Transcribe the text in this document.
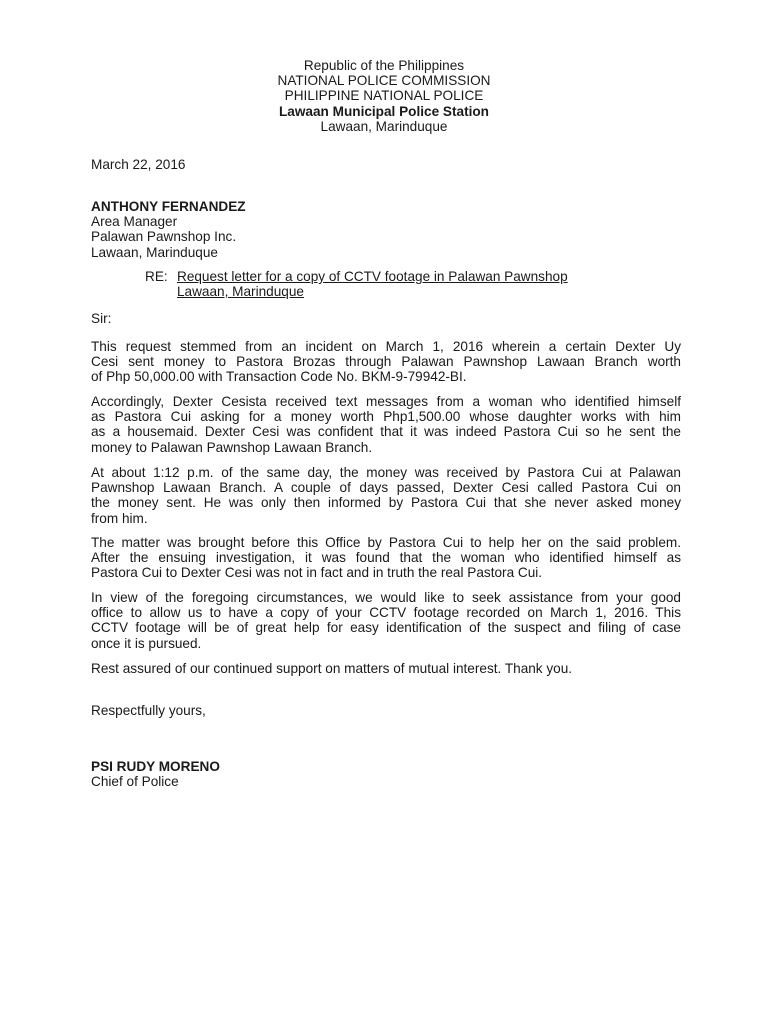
Republic of the Philippines
NATIONAL POLICE COMMISSION
PHILIPPINE NATIONAL POLICE
Lawaan Municipal Police Station
Lawaan, Marinduque
March 22, 2016
ANTHONY FERNANDEZ
Area Manager
Palawan Pawnshop Inc.
Lawaan, Marinduque
RE: Request letter for a copy of CCTV footage in Palawan Pawnshop
Lawaan, Marinduque
Sir:
This request stemmed from an incident on March 1, 2016 wherein a certain Dexter Uy
Cesi sent money to Pastora Brozas through Palawan Pawnshop Lawaan Branch worth
of Php 50,000.00 with Transaction Code No. BKM-9-79942-BI.
Accordingly, Dexter Cesista received text messages from a woman who identified himself
as Pastora Cui asking for a money worth Php1,500.00 whose daughter works with him
as a housemaid. Dexter Cesi was confident that it was indeed Pastora Cui so he sent the
money to Palawan Pawnshop Lawaan Branch.
At about 1:12 p.m. of the same day, the money was received by Pastora Cui at Palawan
Pawnshop Lawaan Branch. A couple of days passed, Dexter Cesi called Pastora Cui on
the money sent. He was only then informed by Pastora Cui that she never asked money
from him.
The matter was brought before this Office by Pastora Cui to help her on the said problem.
After the ensuing investigation, it was found that the woman who identified himself as
Pastora Cui to Dexter Cesi was not in fact and in truth the real Pastora Cui.
In view of the foregoing circumstances, we would like to seek assistance from your good
office to allow us to have a copy of your CCTV footage recorded on March 1, 2016. This
CCTV footage will be of great help for easy identification of the suspect and filing of case
once it is pursued.
Rest assured of our continued support on matters of mutual interest. Thank you.
Respectfully yours,
PSI RUDY MORENO
Chief of Police
